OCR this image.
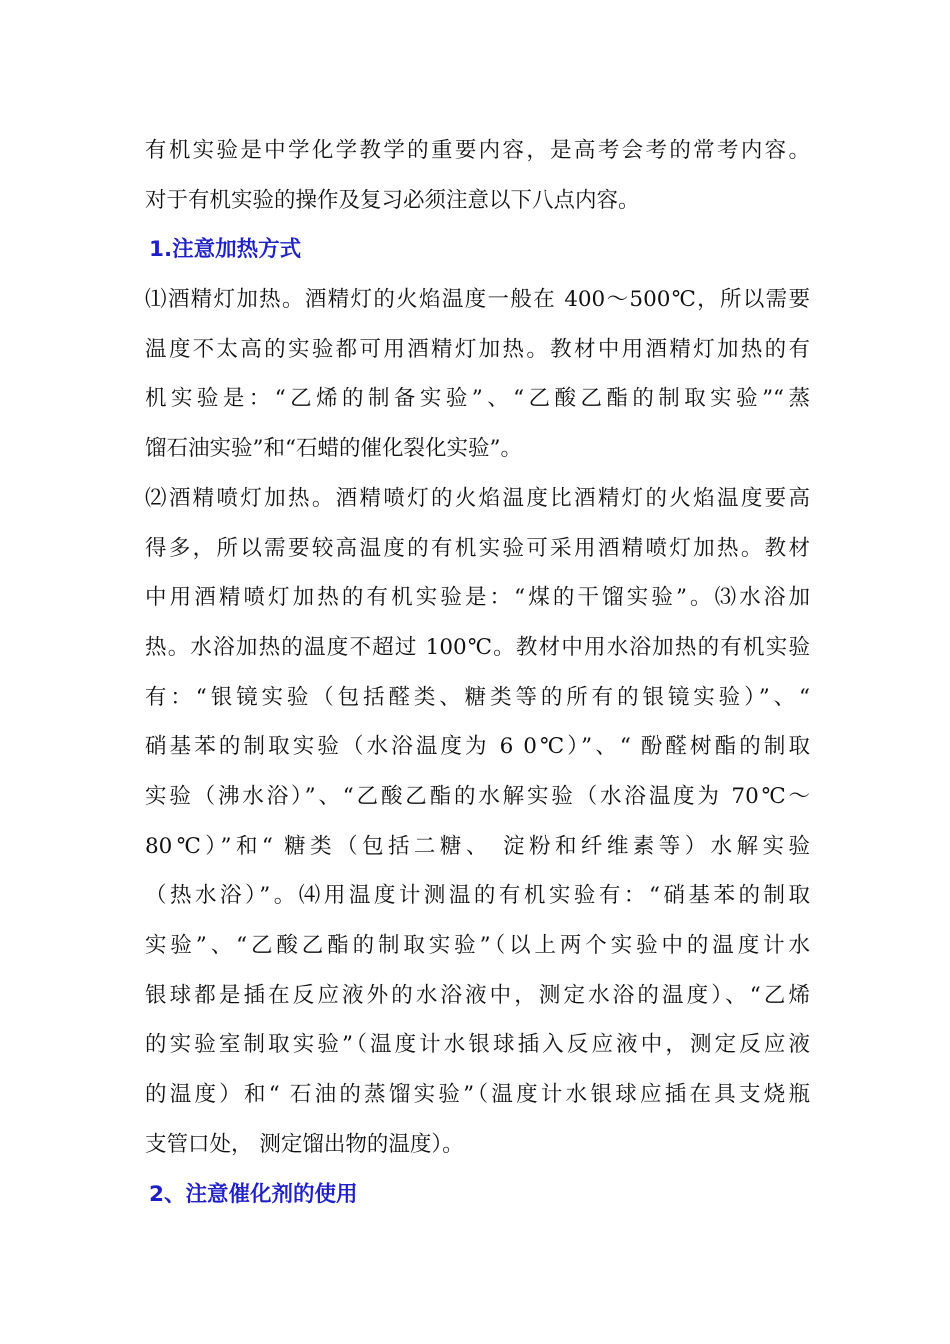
有机实验是中学化学教学的重要内容，是高考会考的常考内容。
对于有机实验的操作及复习必须注意以下八点内容。
1.注意加热方式
⑴酒精灯加热。酒精灯的火焰温度一般在 400～500℃，所以需要
温度不太高的实验都可用酒精灯加热。教材中用酒精灯加热的有
机实验是：“乙烯的制备实验”、“乙酸乙酯的制取实验”“蒸
馏石油实验”和“石蜡的催化裂化实验”。
⑵酒精喷灯加热。酒精喷灯的火焰温度比酒精灯的火焰温度要高
得多，所以需要较高温度的有机实验可采用酒精喷灯加热。教材
中用酒精喷灯加热的有机实验是：“煤的干馏实验”。⑶水浴加
热。水浴加热的温度不超过 100℃。教材中用水浴加热的有机实验
有：“银镜实验（包括醛类、糖类等的所有的银镜实验）”、“
硝基苯的制取实验（水浴温度为 6 0℃）”、“ 酚醛树酯的制取
实验（沸水浴）”、“乙酸乙酯的水解实验（水浴温度为 70℃～
80℃）”和“ 糖类（包括二糖、 淀粉和纤维素等）水解实验
（热水浴）”。⑷用温度计测温的有机实验有：“硝基苯的制取
实验”、“乙酸乙酯的制取实验”（以上两个实验中的温度计水
银球都是插在反应液外的水浴液中，测定水浴的温度）、“乙烯
的实验室制取实验”（温度计水银球插入反应液中，测定反应液
的温度）和“ 石油的蒸馏实验”（温度计水银球应插在具支烧瓶
支管口处， 测定馏出物的温度）。
2、注意催化剂的使用
